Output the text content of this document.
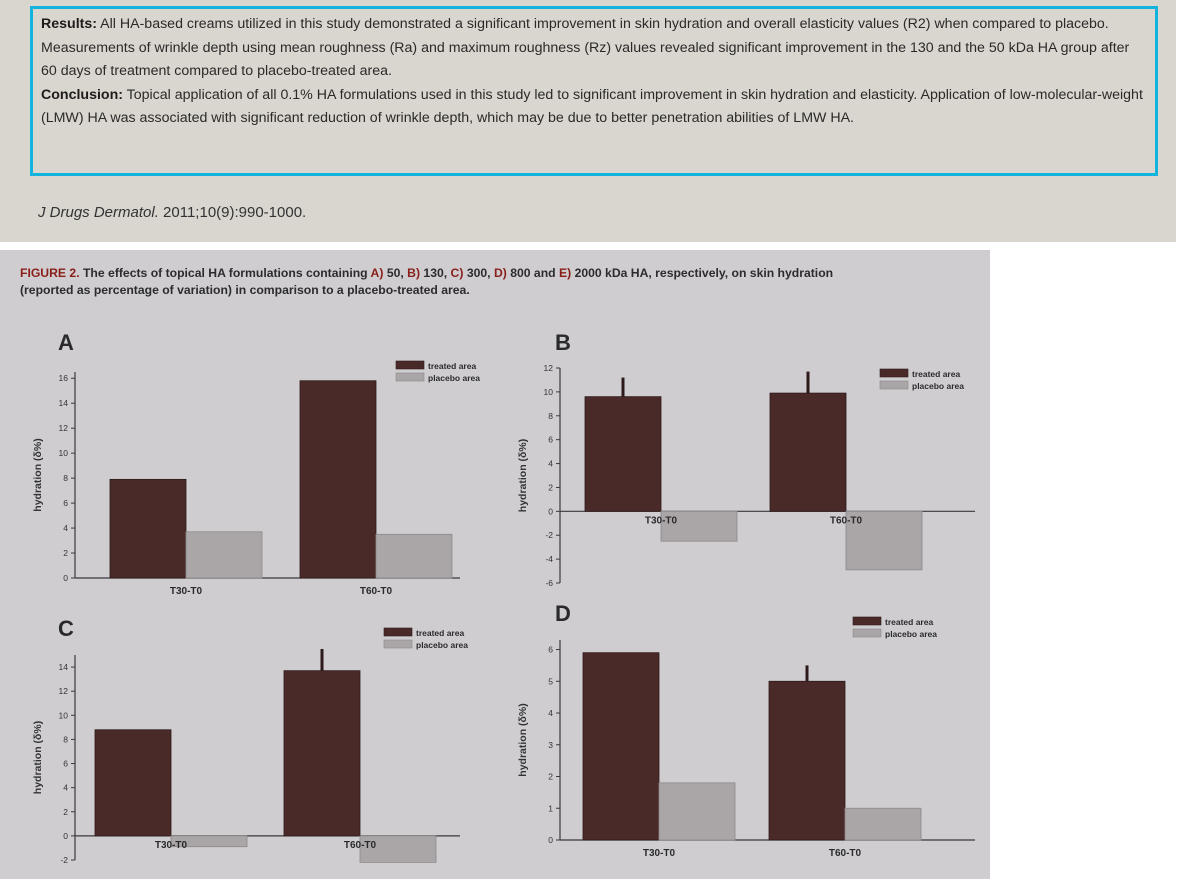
Results: All HA-based creams utilized in this study demonstrated a significant improvement in skin hydration and overall elasticity values (R2) when compared to placebo. Measurements of wrinkle depth using mean roughness (Ra) and maximum roughness (Rz) values revealed significant improvement in the 130 and the 50 kDa HA group after 60 days of treatment compared to placebo-treated area.

Conclusion: Topical application of all 0.1% HA formulations used in this study led to significant improvement in skin hydration and elasticity. Application of low-molecular-weight (LMW) HA was associated with significant reduction of wrinkle depth, which may be due to better penetration abilities of LMW HA.

J Drugs Dermatol. 2011;10(9):990-1000.
FIGURE 2. The effects of topical HA formulations containing A) 50, B) 130, C) 300, D) 800 and E) 2000 kDa HA, respectively, on skin hydration
(reported as percentage of variation) in comparison to a placebo-treated area.
A
0
2
4
6
8
10
12
14
16
hydration (δ%)
T30-T0	T60-T0
treated area
placebo area
B
-6
-4
-2
0
2
4
6
8
10
12
hydration (δ%)
T30-T0	T60-T0
treated area
placebo area
C
-2
0
2
4
6
8
10
12
14
hydration (δ%)
T30-T0	T60-T0
treated area
placebo area
D
0
1
2
3
4
5
6
hydration (δ%)
T30-T0	T60-T0
treated area
placebo area
